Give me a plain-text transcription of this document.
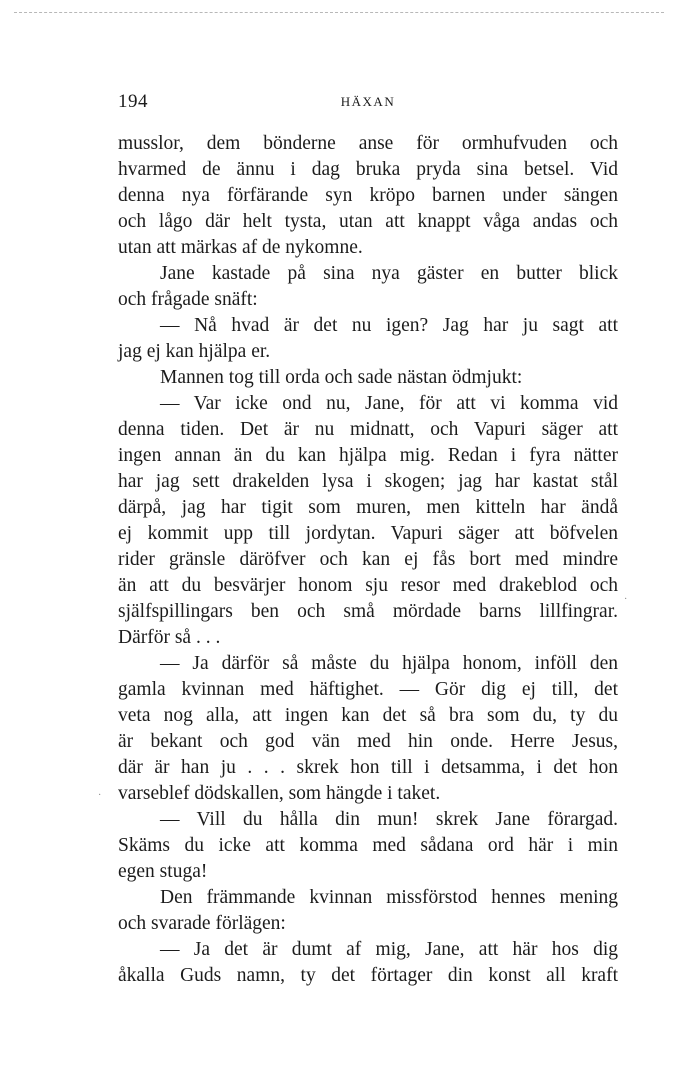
194	HÄXAN
musslor, dem bönderne anse för ormhufvuden och
hvarmed de ännu i dag bruka pryda sina betsel. Vid
denna nya förfärande syn kröpo barnen under sängen
och lågo där helt tysta, utan att knappt våga andas och
utan att märkas af de nykomne.
Jane kastade på sina nya gäster en butter blick
och frågade snäft:
— Nå hvad är det nu igen? Jag har ju sagt att
jag ej kan hjälpa er.
Mannen tog till orda och sade nästan ödmjukt:
— Var icke ond nu, Jane, för att vi komma vid
denna tiden. Det är nu midnatt, och Vapuri säger att
ingen annan än du kan hjälpa mig. Redan i fyra nätter
har jag sett drakelden lysa i skogen; jag har kastat stål
därpå, jag har tigit som muren, men kitteln har ändå
ej kommit upp till jordytan. Vapuri säger att böfvelen
rider gränsle däröfver och kan ej fås bort med mindre
än att du besvärjer honom sju resor med drakeblod och
själfspillingars ben och små mördade barns lillfingrar.
Därför så . . .
— Ja därför så måste du hjälpa honom, inföll den
gamla kvinnan med häftighet. — Gör dig ej till, det
veta nog alla, att ingen kan det så bra som du, ty du
är bekant och god vän med hin onde. Herre Jesus,
där är han ju . . . skrek hon till i detsamma, i det hon
varseblef dödskallen, som hängde i taket.
— Vill du hålla din mun! skrek Jane förargad.
Skäms du icke att komma med sådana ord här i min
egen stuga!
Den främmande kvinnan missförstod hennes mening
och svarade förlägen:
— Ja det är dumt af mig, Jane, att här hos dig
åkalla Guds namn, ty det förtager din konst all kraft
·
·
